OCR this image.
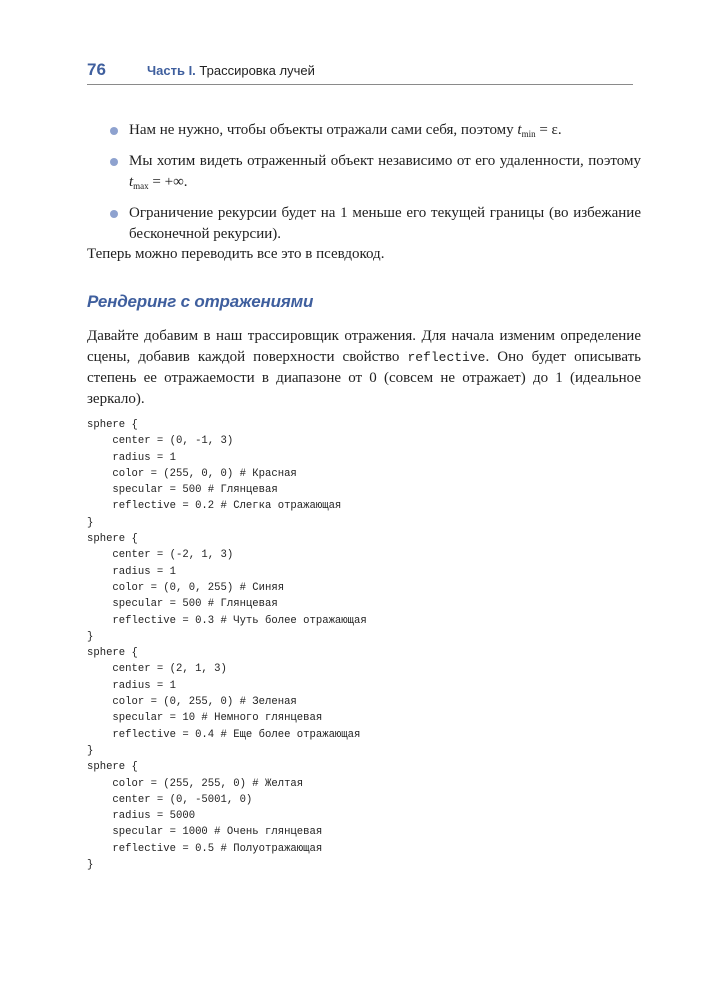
76	Часть I. Трассировка лучей
Нам не нужно, чтобы объекты отражали сами себя, поэтому $t_{min} = \varepsilon$.
Мы хотим видеть отраженный объект независимо от его удаленности, поэтому $t_{max}$ = +∞.
Ограничение рекурсии будет на 1 меньше его текущей границы (во избежание бесконечной рекурсии).

Теперь можно переводить все это в псевдокод.

Рендеринг с отражениями

Давайте добавим в наш трассировщик отражения. Для начала изменим определение сцены, добавив каждой поверхности свойство reflective. Оно будет описывать степень ее отражаемости в диапазоне от 0 (совсем не отражает) до 1 (идеальное зеркало).

sphere {
center = (0, -1, 3)
radius = 1
color = (255, 0, 0) # Красная
specular = 500 # Глянцевая
reflective = 0.2 # Слегка отражающая
}
sphere {
center = (-2, 1, 3)
radius = 1
color = (0, 0, 255) # Синяя
specular = 500 # Глянцевая
reflective = 0.3 # Чуть более отражающая
}
sphere {
center = (2, 1, 3)
radius = 1
color = (0, 255, 0) # Зеленая
specular = 10 # Немного глянцевая
reflective = 0.4 # Еще более отражающая
}
sphere {
color = (255, 255, 0) # Желтая
center = (0, -5001, 0)
radius = 5000
specular = 1000 # Очень глянцевая
reflective = 0.5 # Полуотражающая
}
